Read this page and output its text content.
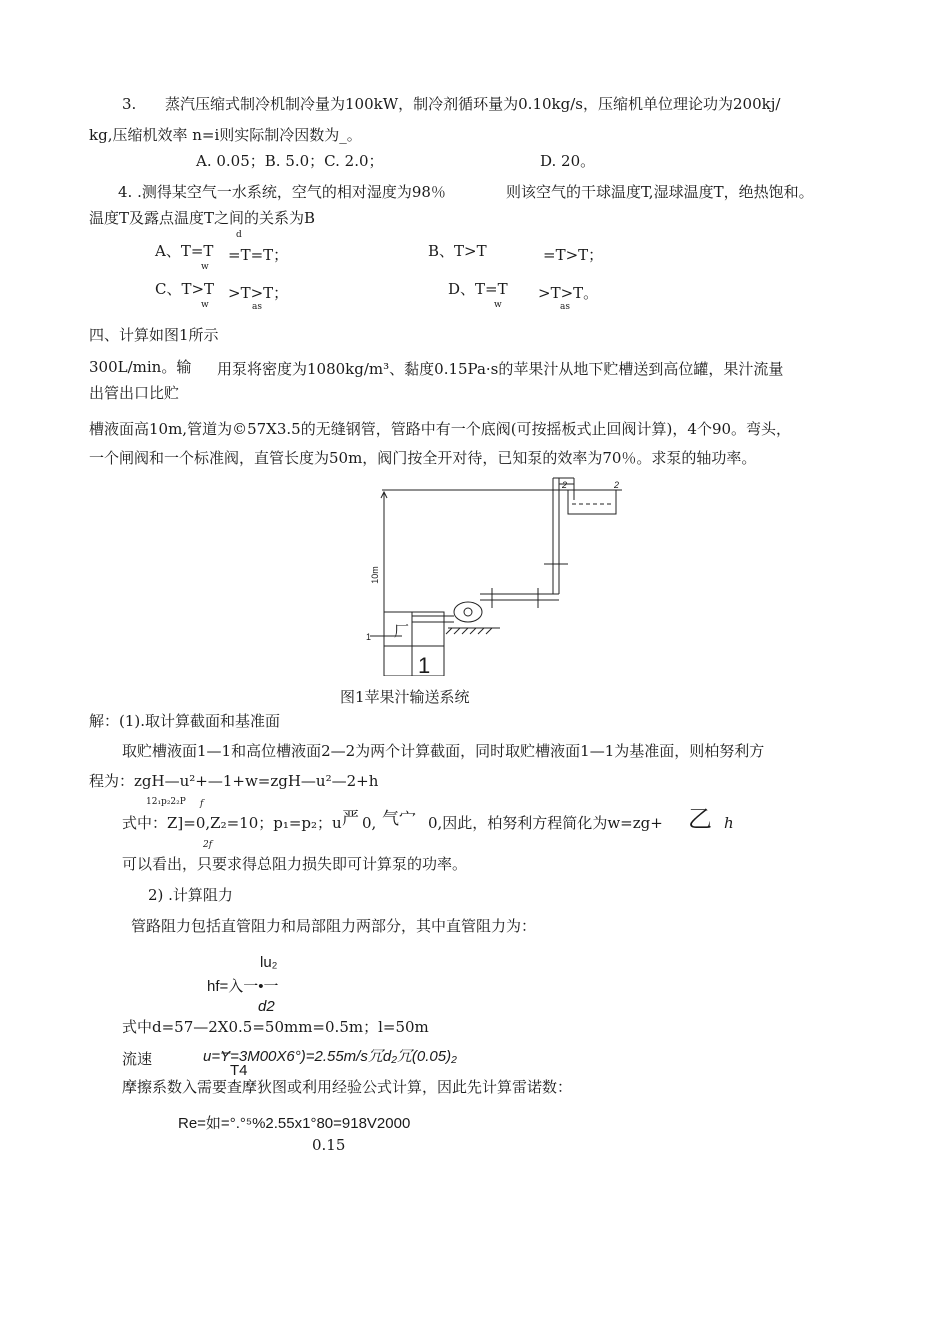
3. 蒸汽压缩式制冷机制冷量为100kW，制冷剂循环量为0.10kg/s，压缩机单位理论功为200kj/
kg,压缩机效率 n=i则实际制冷因数为_。
A. 0.05；B. 5.0；C. 2.0；	D. 20。
4. .测得某空气一水系统，空气的相对湿度为98％	则该空气的干球温度T,湿球温度T，绝热饱和。
温度T及露点温度T之间的关系为B
d
A、T=T
w
=T=T；	B、T>T	=T>T；
C、T>T
w
>T>T；
as
D、T=T
w
>T>T。
as
四、计算如图1所示
300L/min。输 用泵将密度为1080kg/m³、黏度0.15Pa·s的苹果汁从地下贮槽送到高位罐，果汁流量
出管出口比贮
槽液面高10m,管道为©57X3.5的无缝钢管，管路中有一个底阀(可按摇板式止回阀计算)，4个90。弯头，
一个闸阀和一个标准阀，直管长度为50m，阀门按全开对待，已知泵的效率为70％。求泵的轴功率。
2	2
10m
1 厂
1
图1苹果汁输送系统
解：(1).取计算截面和基准面
取贮槽液面1—1和高位槽液面2—2为两个计算截面，同时取贮槽液面1—1为基准面，则柏努利方
程为：zgH—u²+—1+w=zgH—u²—2+h
12₁p₂2₂P f
式中：Z]=0,Z₂=10；p₁=p₂；u 严 0, 气宀 0,因此，柏努利方程简化为w=zg+ 乙 h
2f
可以看出，只要求得总阻力损失即可计算泵的功率。
2) .计算阻力
管路阻力包括直管阻力和局部阻力两部分，其中直管阻力为：
lu₂
hf=入一•一
d2
式中d=57—2X0.5=50mm=0.5m；l=50m
流速	u=Ɏ=3M00X6°)=2.55m/s冗d₂冗(0.05)₂
T4
摩擦系数入需要查摩狄图或利用经验公式计算，因此先计算雷诺数：
Re=如=°.°⁵%2.55x1°80=918V2000
0.15
